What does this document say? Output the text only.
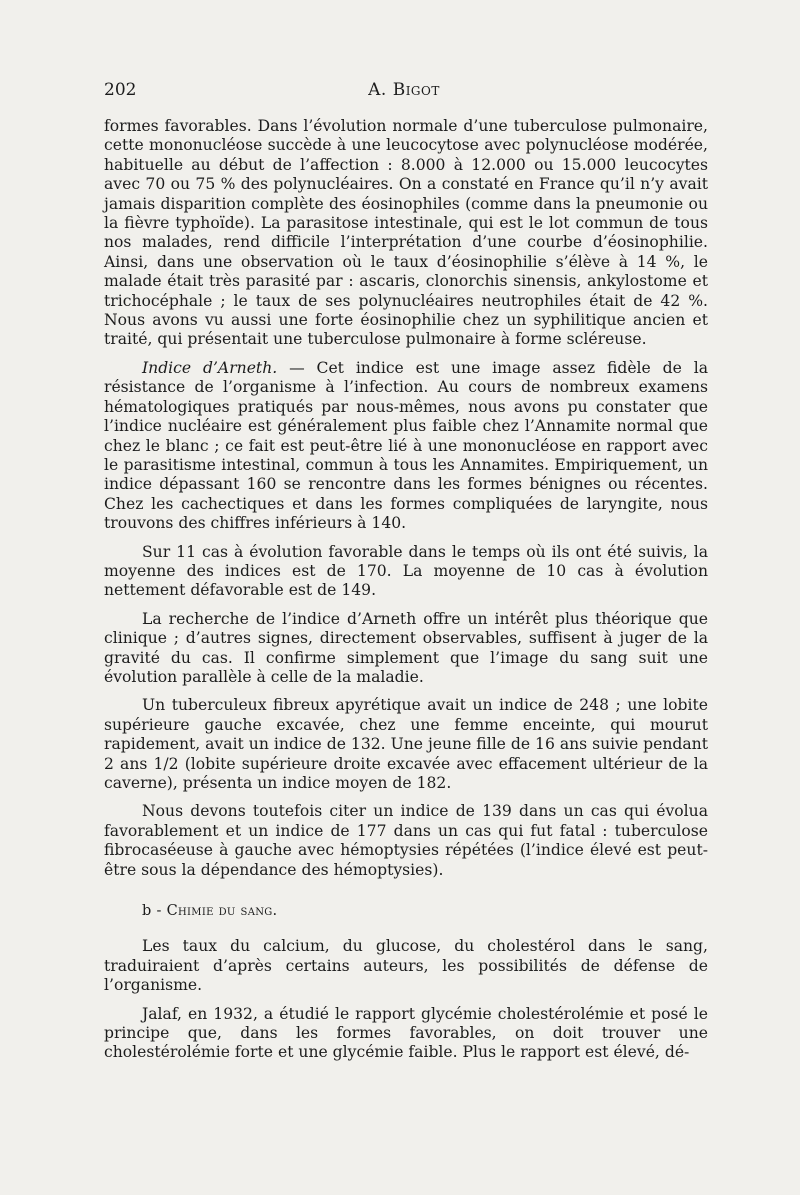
202	A. Bigot

formes favorables. Dans l’évolution normale d’une tuberculose pulmonaire, cette mononucléose succède à une leucocytose avec polynucléose modérée, habituelle au début de l’affection : 8.000 à 12.000 ou 15.000 leucocytes avec 70 ou 75 % des polynucléaires. On a constaté en France qu’il n’y avait jamais disparition complète des éosinophiles (comme dans la pneumonie ou la fièvre typhoïde). La parasitose intestinale, qui est le lot commun de tous nos malades, rend difficile l’interprétation d’une courbe d’éosinophilie. Ainsi, dans une observation où le taux d’éosinophilie s’élève à 14 %, le malade était très parasité par : ascaris, clonorchis sinensis, ankylostome et trichocéphale ; le taux de ses polynucléaires neutrophiles était de 42 %. Nous avons vu aussi une forte éosinophilie chez un syphilitique ancien et traité, qui présentait une tuberculose pulmonaire à forme scléreuse.

Indice d’Arneth. — Cet indice est une image assez fidèle de la résistance de l’organisme à l’infection. Au cours de nombreux examens hématologiques pratiqués par nous-mêmes, nous avons pu constater que l’indice nucléaire est généralement plus faible chez l’Annamite normal que chez le blanc ; ce fait est peut-être lié à une mononucléose en rapport avec le parasitisme intestinal, commun à tous les Annamites. Empiriquement, un indice dépassant 160 se rencontre dans les formes bénignes ou récentes. Chez les cachectiques et dans les formes compliquées de laryngite, nous trouvons des chiffres inférieurs à 140.

Sur 11 cas à évolution favorable dans le temps où ils ont été suivis, la moyenne des indices est de 170. La moyenne de 10 cas à évolution nettement défavorable est de 149.

La recherche de l’indice d’Arneth offre un intérêt plus théorique que clinique ; d’autres signes, directement observables, suffisent à juger de la gravité du cas. Il confirme simplement que l’image du sang suit une évolution parallèle à celle de la maladie.

Un tuberculeux fibreux apyrétique avait un indice de 248 ; une lobite supérieure gauche excavée, chez une femme enceinte, qui mourut rapidement, avait un indice de 132. Une jeune fille de 16 ans suivie pendant 2 ans 1/2 (lobite supérieure droite excavée avec effacement ultérieur de la caverne), présenta un indice moyen de 182.

Nous devons toutefois citer un indice de 139 dans un cas qui évolua favorablement et un indice de 177 dans un cas qui fut fatal : tuberculose fibrocaséeuse à gauche avec hémoptysies répétées (l’indice élevé est peut-être sous la dépendance des hémoptysies).

b - Chimie du sang.

Les taux du calcium, du glucose, du cholestérol dans le sang, traduiraient d’après certains auteurs, les possibilités de défense de l’organisme.

Jalaf, en 1932, a étudié le rapport glycémie cholestérolémie et posé le principe que, dans les formes favorables, on doit trouver une cholestérolémie forte et une glycémie faible. Plus le rapport est élevé, dé-
